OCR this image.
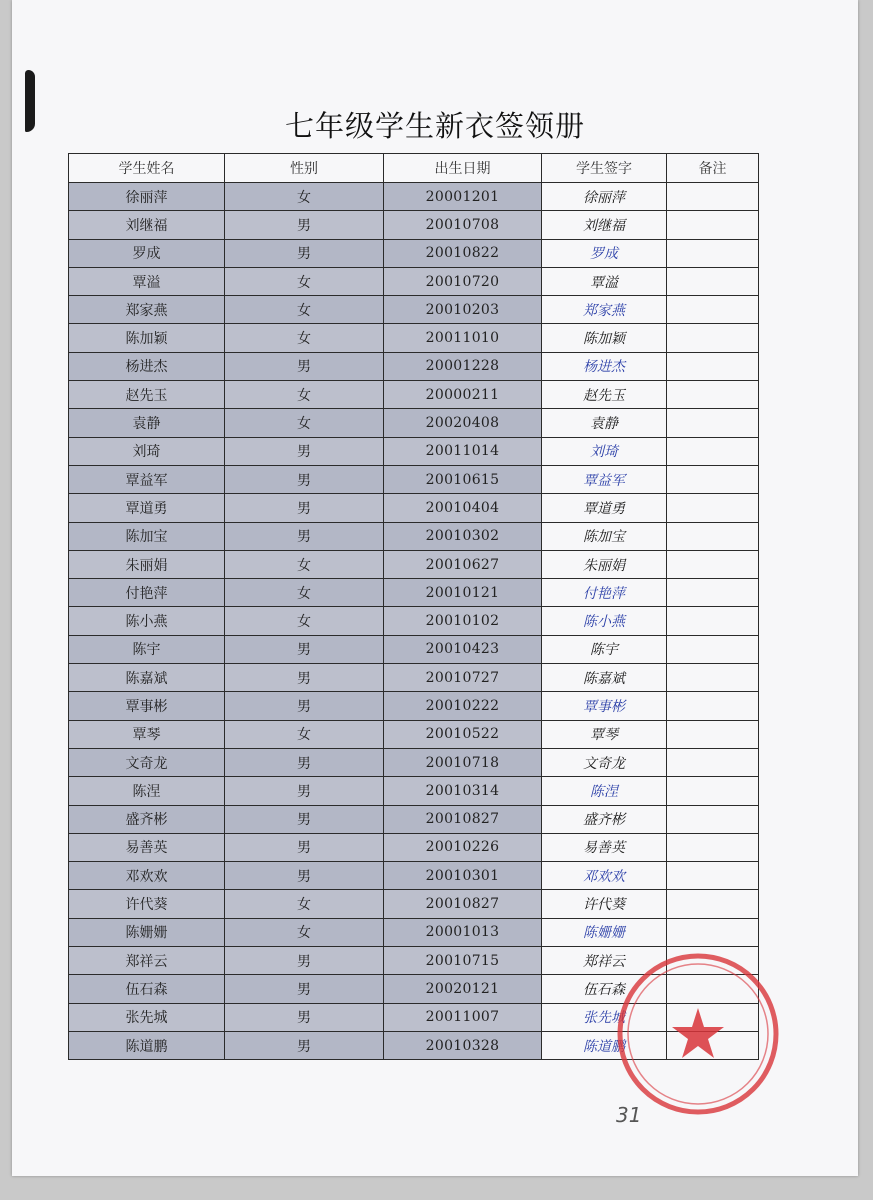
七年级学生新衣签领册
学生姓名	性别	出生日期	学生签字	备注
徐丽萍	女	20001201	徐丽萍	
刘继福	男	20010708	刘继福	
罗成	男	20010822	罗成	
覃溢	女	20010720	覃溢	
郑家燕	女	20010203	郑家燕	
陈加颖	女	20011010	陈加颖	
杨进杰	男	20001228	杨进杰	
赵先玉	女	20000211	赵先玉	
袁静	女	20020408	袁静	
刘琦	男	20011014	刘琦	
覃益军	男	20010615	覃益军	
覃道勇	男	20010404	覃道勇	
陈加宝	男	20010302	陈加宝	
朱丽娟	女	20010627	朱丽娟	
付艳萍	女	20010121	付艳萍	
陈小燕	女	20010102	陈小燕	
陈宇	男	20010423	陈宇	
陈嘉斌	男	20010727	陈嘉斌	
覃事彬	男	20010222	覃事彬	
覃琴	女	20010522	覃琴	
文奇龙	男	20010718	文奇龙	
陈涅	男	20010314	陈涅	
盛齐彬	男	20010827	盛齐彬	
易善英	男	20010226	易善英	
邓欢欢	男	20010301	邓欢欢	
许代葵	女	20010827	许代葵	
陈姗姗	女	20001013	陈姗姗	
郑祥云	男	20010715	郑祥云	
伍石森	男	20020121	伍石森	
张先城	男	20011007	张先城	
陈道鹏	男	20010328	陈道鹏	
31
